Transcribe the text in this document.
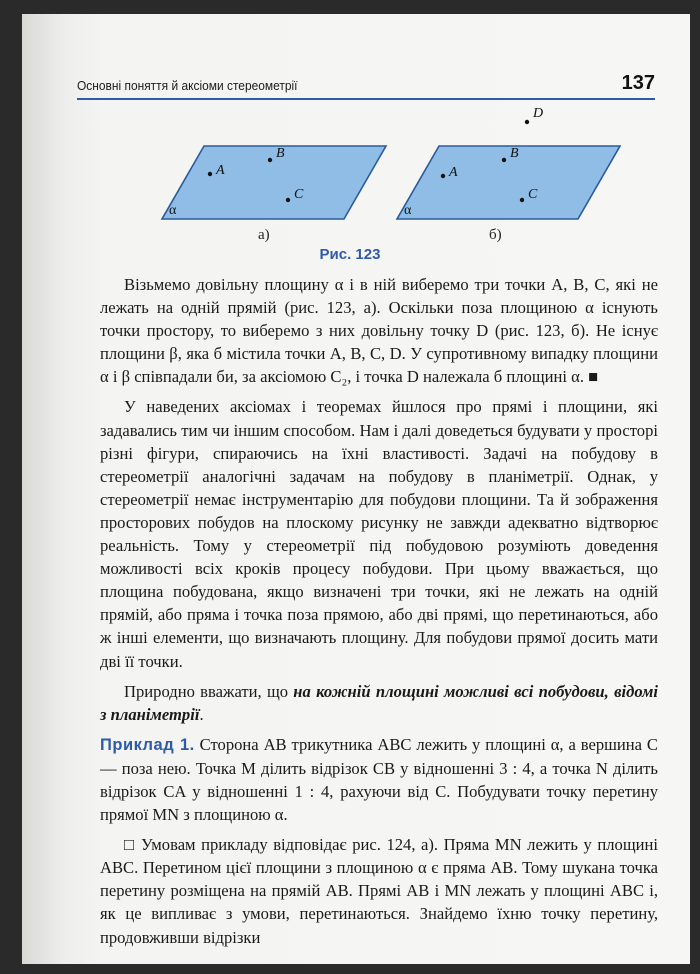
Основні поняття й аксіоми стереометрії	137
A
B
C
α
A
B
C
D
α
а)	б)
Рис. 123

Візьмемо довільну площину α і в ній виберемо три точки A, B, C, які не лежать на одній прямій (рис. 123, а). Оскільки поза площиною α існують точки простору, то виберемо з них довільну точку D (рис. 123, б). Не існує площини β, яка б містила точки A, B, C, D. У супротивному випадку площини α і β співпадали би, за аксіомою C₂, і точка D належала б площині α. ■

У наведених аксіомах і теоремах йшлося про прямі і площини, які задавались тим чи іншим способом. Нам і далі доведеться будувати у просторі різні фігури, спираючись на їхні властивості. Задачі на побудову в стереометрії аналогічні задачам на побудову в планіметрії. Однак, у стереометрії немає інструментарію для побудови площини. Та й зображення просторових побудов на плоскому рисунку не завжди адекватно відтворює реальність. Тому у стереометрії під побудовою розуміють доведення можливості всіх кроків процесу побудови. При цьому вважається, що площина побудована, якщо визначені три точки, які не лежать на одній прямій, або пряма і точка поза прямою, або дві прямі, що перетинаються, або ж інші елементи, що визначають площину. Для побудови прямої досить мати дві її точки.

Природно вважати, що на кожній площині можливі всі побудови, відомі з планіметрії.

Приклад 1. Сторона AB трикутника ABC лежить у площині α, а вершина C — поза нею. Точка M ділить відрізок CB у відношенні 3 : 4, а точка N ділить відрізок CA у відношенні 1 : 4, рахуючи від C. Побудувати точку перетину прямої MN з площиною α.

□ Умовам прикладу відповідає рис. 124, а). Пряма MN лежить у площині ABC. Перетином цієї площини з площиною α є пряма AB. Тому шукана точка перетину розміщена на прямій AB. Прямі AB і MN лежать у площині ABC і, як це випливає з умови, перетинаються. Знайдемо їхню точку перетину, продовживши відрізки
